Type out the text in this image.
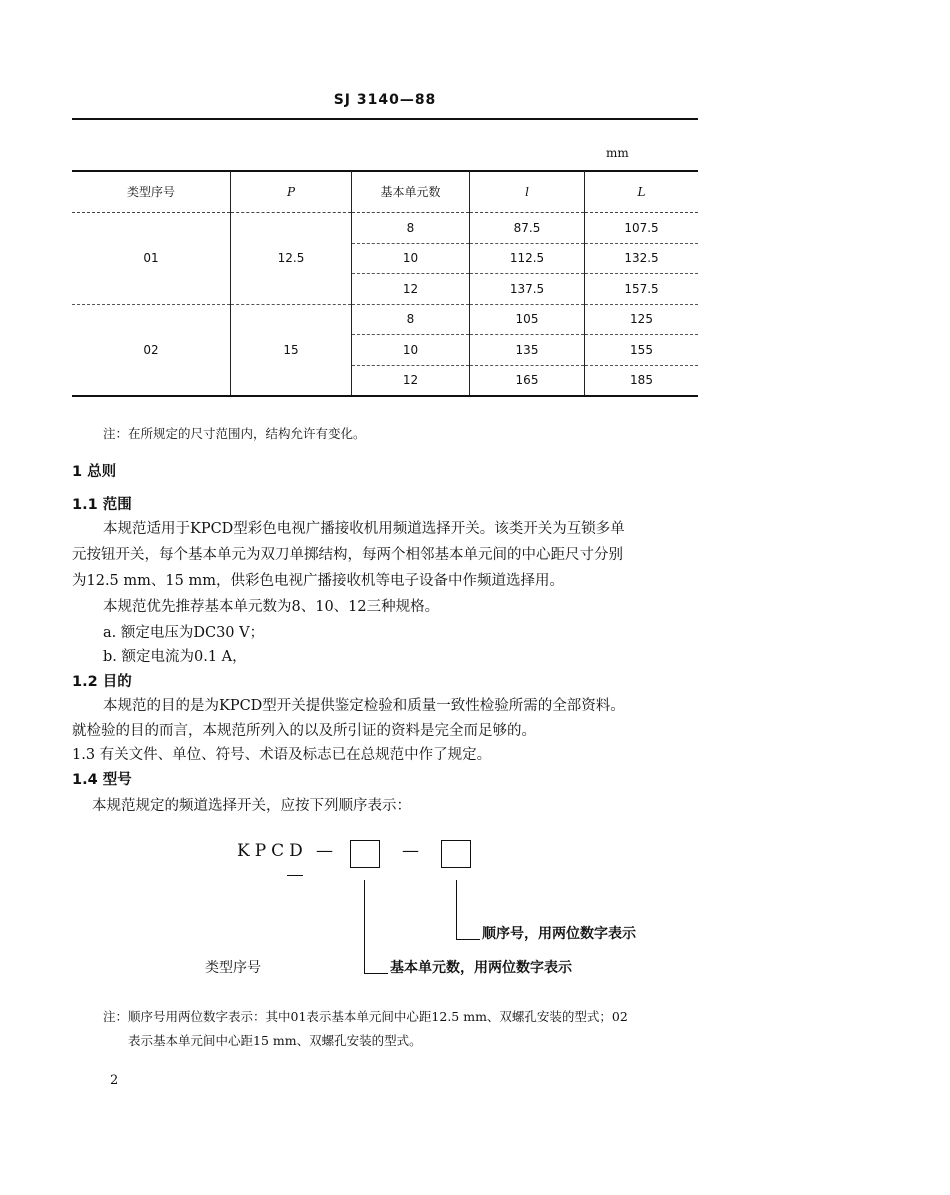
SJ 3140—88
mm
类型序号	P	基本单元数	l	L
01	12.5	8	87.5	107.5
		10	112.5	132.5
		12	137.5	157.5
02	15	8	105	125
		10	135	155
		12	165	185
注：在所规定的尺寸范围内，结构允许有变化。
1 总则
1.1 范围
本规范适用于KPCD型彩色电视广播接收机用频道选择开关。该类开关为互锁多单
元按钮开关，每个基本单元为双刀单掷结构，每两个相邻基本单元间的中心距尺寸分别
为12.5 mm、15 mm，供彩色电视广播接收机等电子设备中作频道选择用。
本规范优先推荐基本单元数为8、10、12三种规格。
a. 额定电压为DC30 V；
b. 额定电流为0.1 A，
1.2 目的
本规范的目的是为KPCD型开关提供鉴定检验和质量一致性检验所需的全部资料。
就检验的目的而言，本规范所列入的以及所引证的资料是完全而足够的。
1.3 有关文件、单位、符号、术语及标志已在总规范中作了规定。
1.4 型号
本规范规定的频道选择开关，应按下列顺序表示：
KPCD —	—
顺序号，用两位数字表示
基本单元数，用两位数字表示
类型序号
注：顺序号用两位数字表示：其中01表示基本单元间中心距12.5 mm、双螺孔安装的型式；02
表示基本单元间中心距15 mm、双螺孔安装的型式。
2
